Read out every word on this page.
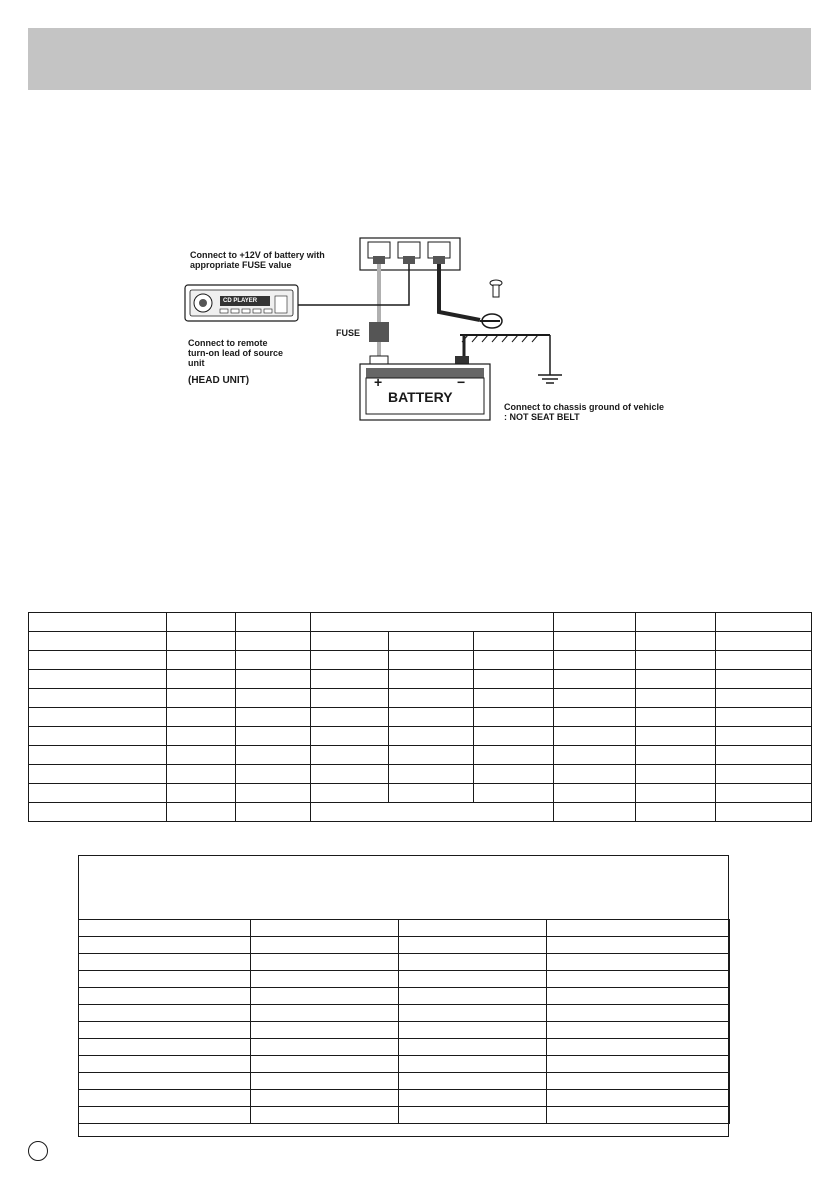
Connect to +12V of battery with
appropriate FUSE value
Connect to remote
turn-on lead of source
unit
(HEAD UNIT)
FUSE
Connect to chassis ground of vehicle
: NOT SEAT BELT
CD PLAYER
BATTERY
+	−
